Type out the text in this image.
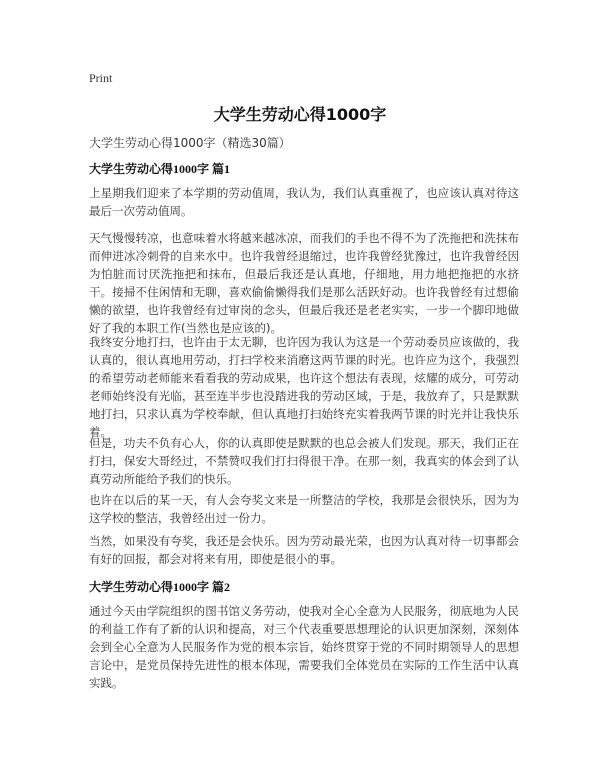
Print
大学生劳动心得1000字

大学生劳动心得1000字（精选30篇）

大学生劳动心得1000字 篇1

上星期我们迎来了本学期的劳动值周，我认为，我们认真重视了，也应该认真对待这最后一次劳动值周。

天气慢慢转凉，也意味着水将越来越冰凉，而我们的手也不得不为了洗拖把和洗抹布而伸进冰冷刺骨的自来水中。也许我曾经退缩过，也许我曾经犹豫过，也许我曾经因为怕脏而讨厌洗拖把和抹布，但最后我还是认真地，仔细地，用力地把拖把的水挤干。接掃不住闲情和无聊，喜欢偷偷懒得我们是那么活跃好动。也许我曾经有过想偷懒的欲望，也许我曾经有过审岗的念头，但最后我还是老老实实，一步一个脚印地做好了我的本职工作(当然也是应该的)。

我终安分地打扫，也许由于太无聊，也许因为我认为这是一个劳动委员应该做的，我认真的，很认真地用劳动，打扫学校来消磨这两节课的时光。也许应为这个，我强烈的希望劳动老师能来看看我的劳动成果，也许这个想法有表现，炫耀的成分，可劳动老师始终没有光临，甚至连半步也没踏进我的劳动区域，于是，我放弃了，只是默默地打扫，只求认真为学校奉献，但认真地打扫始终充实着我两节课的时光并让我快乐着。

但是，功夫不负有心人，你的认真即使是默默的也总会被人们发现。那天，我们正在打扫，保安大哥经过，不禁赞叹我们打扫得很干净。在那一刻，我真实的体会到了认真劳动所能给予我们的快乐。

也许在以后的某一天，有人会夸奖文来是一所整洁的学校，我那是会很快乐，因为为这学校的整洁，我曾经出过一份力。

当然，如果没有夸奖，我还是会快乐。因为劳动最光荣，也因为认真对待一切事都会有好的回报，都会对将来有用，即使是很小的事。

大学生劳动心得1000字 篇2

通过今天由学院组织的图书馆义务劳动，使我对全心全意为人民服务，彻底地为人民的利益工作有了新的认识和提高，对三个代表重要思想理论的认识更加深刻，深刻体会到全心全意为人民服务作为党的根本宗旨，始终贯穿于党的不同时期领导人的思想言论中，是党员保持先进性的根本体现，需要我们全体党员在实际的工作生活中认真实践。
